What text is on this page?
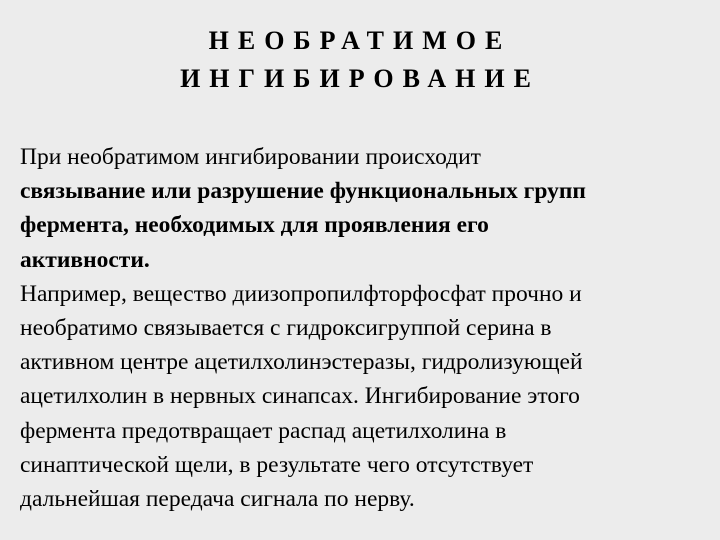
НЕОБРАТИМОЕ
ИНГИБИРОВАНИЕ
При необратимом ингибировании происходит
связывание или разрушение функциональных групп
фермента, необходимых для проявления его
активности.
Например, вещество диизопропилфторфосфат прочно и
необратимо связывается с гидроксигруппой серина в
активном центре ацетилхолинэстеразы, гидролизующей
ацетилхолин в нервных синапсах. Ингибирование этого
фермента предотвращает распад ацетилхолина в
синаптической щели, в результате чего отсутствует
дальнейшая передача сигнала по нерву.
